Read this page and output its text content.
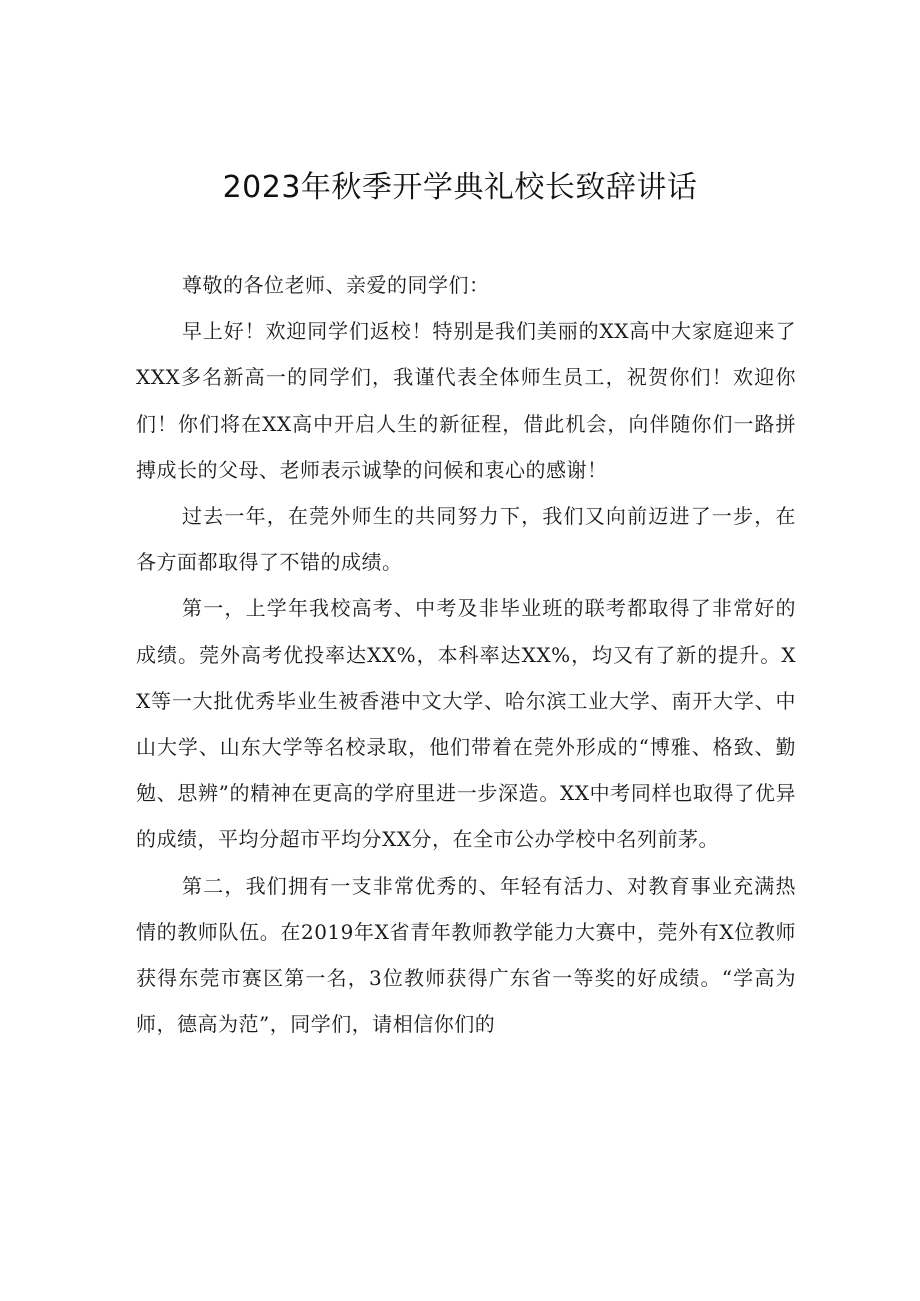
2023年秋季开学典礼校长致辞讲话

尊敬的各位老师、亲爱的同学们：

早上好！欢迎同学们返校！特别是我们美丽的XX高中大家庭迎来了XXX多名新高一的同学们，我谨代表全体师生员工，祝贺你们！欢迎你们！你们将在XX高中开启人生的新征程，借此机会，向伴随你们一路拼搏成长的父母、老师表示诚挚的问候和衷心的感谢！

过去一年，在莞外师生的共同努力下，我们又向前迈进了一步，在各方面都取得了不错的成绩。

第一，上学年我校高考、中考及非毕业班的联考都取得了非常好的成绩。莞外高考优投率达XX%，本科率达XX%，均又有了新的提升。XX等一大批优秀毕业生被香港中文大学、哈尔滨工业大学、南开大学、中山大学、山东大学等名校录取，他们带着在莞外形成的“博雅、格致、勤勉、思辨”的精神在更高的学府里进一步深造。XX中考同样也取得了优异的成绩，平均分超市平均分XX分，在全市公办学校中名列前茅。

第二，我们拥有一支非常优秀的、年轻有活力、对教育事业充满热情的教师队伍。在2019年X省青年教师教学能力大赛中，莞外有X位教师获得东莞市赛区第一名，3位教师获得广东省一等奖的好成绩。“学高为师，德高为范”，同学们，请相信你们的
